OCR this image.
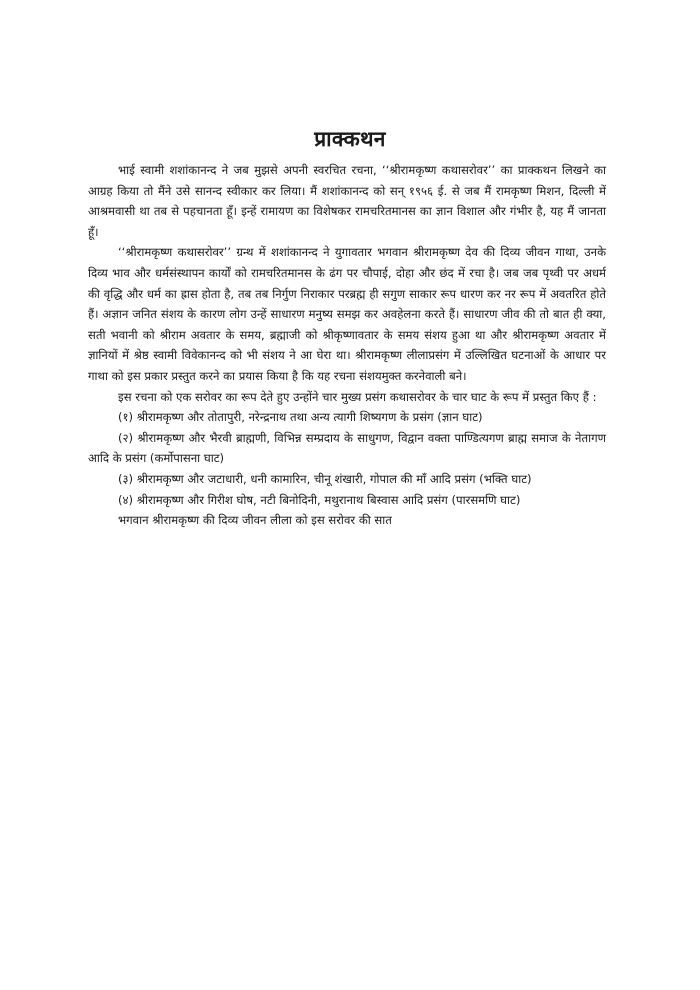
प्राक्कथन

भाई स्वामी शशांकानन्द ने जब मुझसे अपनी स्वरचित रचना, ‘‘श्रीरामकृष्ण कथासरोवर’’ का प्राक्कथन लिखने का आग्रह किया तो मैंने उसे सानन्द स्वीकार कर लिया। मैं शशांकानन्द को सन् १९५६ ई. से जब मैं रामकृष्ण मिशन, दिल्ली में आश्रमवासी था तब से पहचानता हूँ। इन्हें रामायण का विशेषकर रामचरितमानस का ज्ञान विशाल और गंभीर है, यह मैं जानता हूँ।

‘‘श्रीरामकृष्ण कथासरोवर’’ ग्रन्थ में शशांकानन्द ने युगावतार भगवान श्रीरामकृष्ण देव की दिव्य जीवन गाथा, उनके दिव्य भाव और धर्मसंस्थापन कार्यों को रामचरितमानस के ढंग पर चौपाई, दोहा और छंद में रचा है। जब जब पृथ्वी पर अधर्म की वृद्धि और धर्म का ह्रास होता है, तब तब निर्गुण निराकार परब्रह्म ही सगुण साकार रूप धारण कर नर रूप में अवतरित होते हैं। अज्ञान जनित संशय के कारण लोग उन्हें साधारण मनुष्य समझ कर अवहेलना करते हैं। साधारण जीव की तो बात ही क्या, सती भवानी को श्रीराम अवतार के समय, ब्रह्माजी को श्रीकृष्णावतार के समय संशय हुआ था और श्रीरामकृष्ण अवतार में ज्ञानियों में श्रेष्ठ स्वामी विवेकानन्द को भी संशय ने आ घेरा था। श्रीरामकृष्ण लीलाप्रसंग में उल्लिखित घटनाओं के आधार पर गाथा को इस प्रकार प्रस्तुत करने का प्रयास किया है कि यह रचना संशयमुक्त करनेवाली बने।

इस रचना को एक सरोवर का रूप देते हुए उन्होंने चार मुख्य प्रसंग कथासरोवर के चार घाट के रूप में प्रस्तुत किए हैं :

(१) श्रीरामकृष्ण और तोतापुरी, नरेन्द्रनाथ तथा अन्य त्यागी शिष्यगण के प्रसंग (ज्ञान घाट)

(२) श्रीरामकृष्ण और भैरवी ब्राह्मणी, विभिन्न सम्प्रदाय के साधुगण, विद्वान वक्ता पाण्डित्यगण ब्राह्म समाज के नेतागण आदि के प्रसंग (कर्मोपासना घाट)

(३) श्रीरामकृष्ण और जटाधारी, धनी कामारिन, चीनू शंखारी, गोपाल की माँ आदि प्रसंग (भक्ति घाट)

(४) श्रीरामकृष्ण और गिरीश घोष, नटी बिनोदिनी, मथुरानाथ बिस्वास आदि प्रसंग (पारसमणि घाट)

भगवान श्रीरामकृष्ण की दिव्य जीवन लीला को इस सरोवर की सात
